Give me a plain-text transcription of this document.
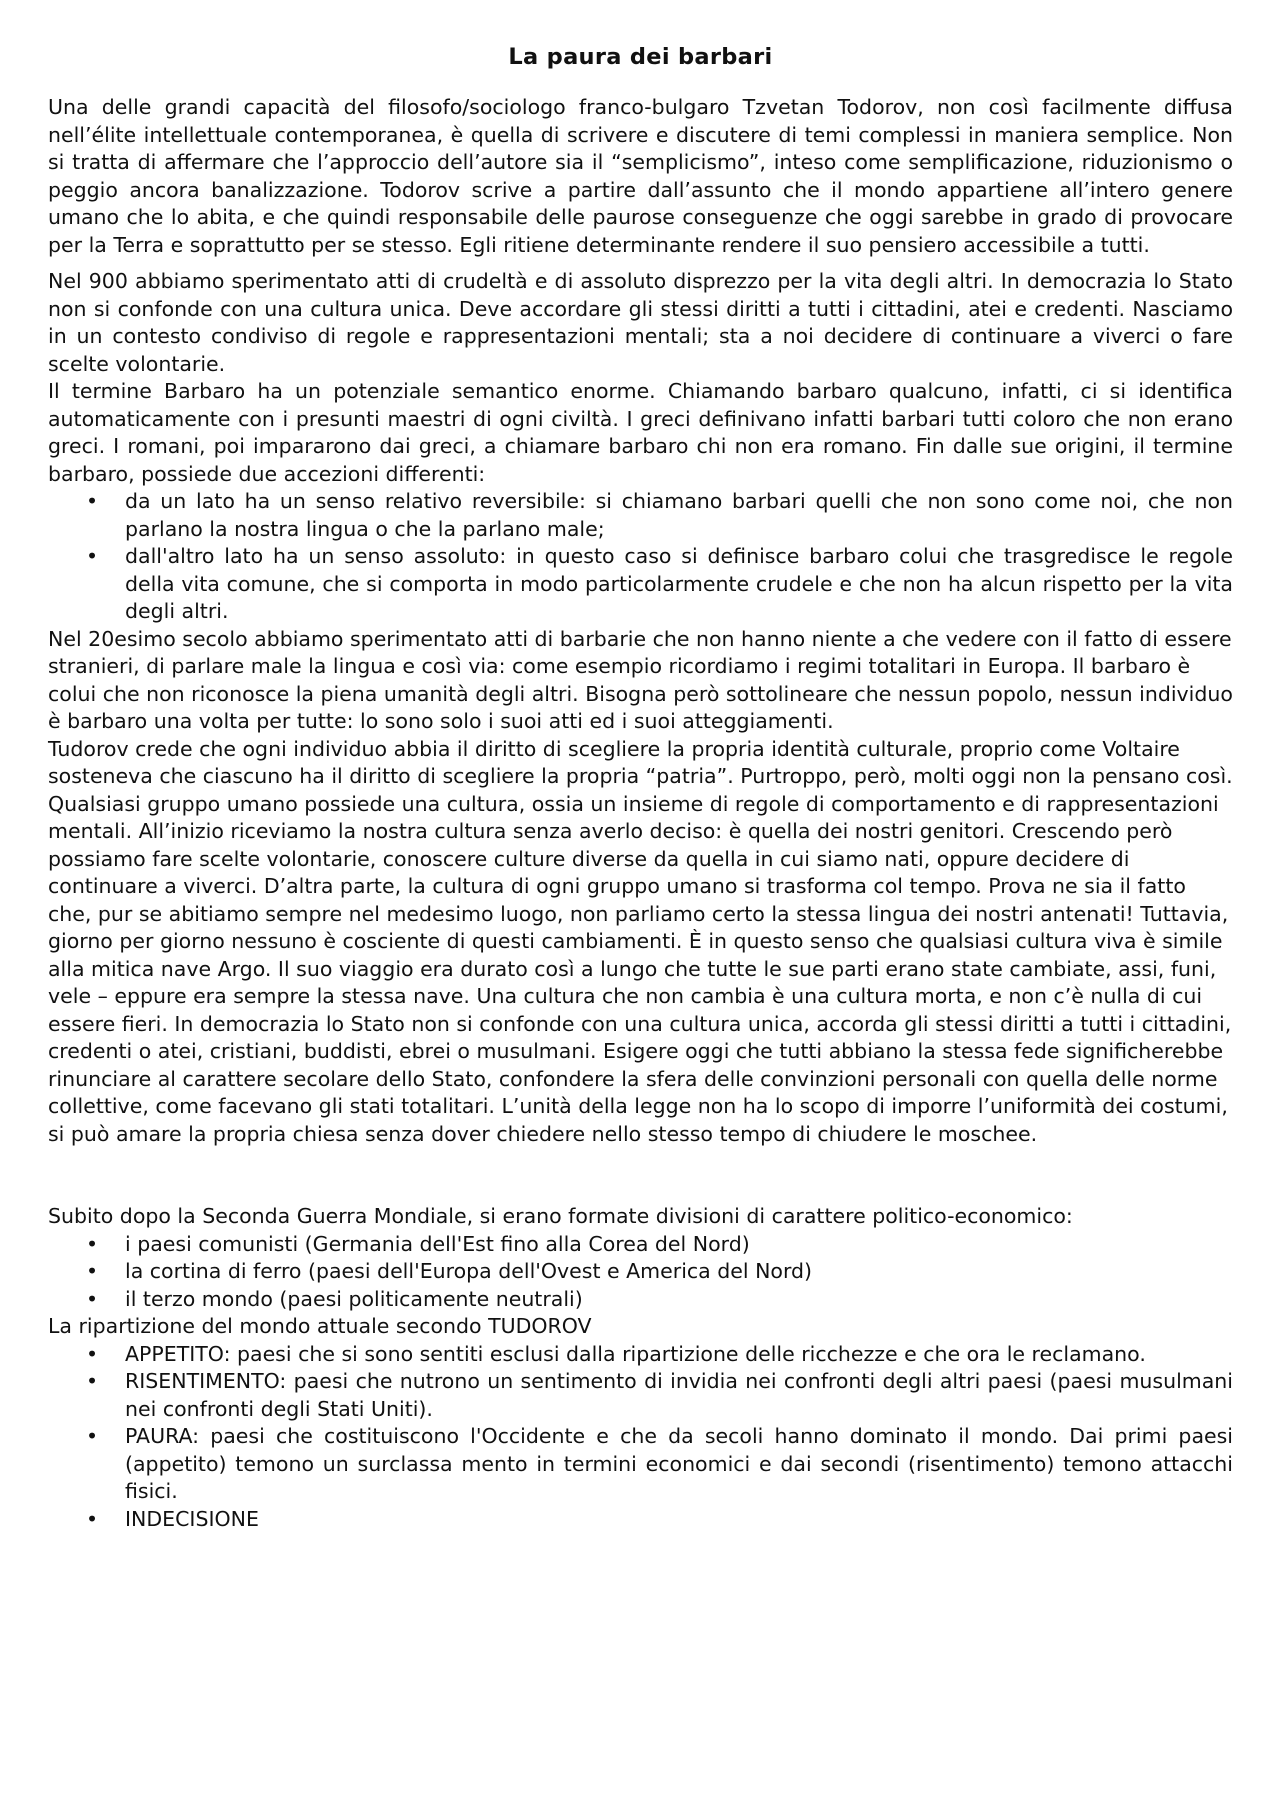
La paura dei barbari

Una delle grandi capacità del filosofo/sociologo franco-bulgaro Tzvetan Todorov, non così facilmente diffusa nell’élite intellettuale contemporanea, è quella di scrivere e discutere di temi complessi in maniera semplice. Non si tratta di affermare che l’approccio dell’autore sia il “semplicismo”, inteso come semplificazione, riduzionismo o peggio ancora banalizzazione. Todorov scrive a partire dall’assunto che il mondo appartiene all’intero genere umano che lo abita, e che quindi responsabile delle paurose conseguenze che oggi sarebbe in grado di provocare per la Terra e soprattutto per se stesso. Egli ritiene determinante rendere il suo pensiero accessibile a tutti.

Nel 900 abbiamo sperimentato atti di crudeltà e di assoluto disprezzo per la vita degli altri. In democrazia lo Stato non si confonde con una cultura unica. Deve accordare gli stessi diritti a tutti i cittadini, atei e credenti. Nasciamo in un contesto condiviso di regole e rappresentazioni mentali; sta a noi decidere di continuare a viverci o fare scelte volontarie.

Il termine Barbaro ha un potenziale semantico enorme. Chiamando barbaro qualcuno, infatti, ci si identifica automaticamente con i presunti maestri di ogni civiltà. I greci definivano infatti barbari tutti coloro che non erano greci. I romani, poi impararono dai greci, a chiamare barbaro chi non era romano. Fin dalle sue origini, il termine barbaro, possiede due accezioni differenti:

• da un lato ha un senso relativo reversibile: si chiamano barbari quelli che non sono come noi, che non parlano la nostra lingua o che la parlano male;
• dall'altro lato ha un senso assoluto: in questo caso si definisce barbaro colui che trasgredisce le regole della vita comune, che si comporta in modo particolarmente crudele e che non ha alcun rispetto per la vita degli altri.

Nel 20esimo secolo abbiamo sperimentato atti di barbarie che non hanno niente a che vedere con il fatto di essere stranieri, di parlare male la lingua e così via: come esempio ricordiamo i regimi totalitari in Europa. Il barbaro è colui che non riconosce la piena umanità degli altri. Bisogna però sottolineare che nessun popolo, nessun individuo è barbaro una volta per tutte: lo sono solo i suoi atti ed i suoi atteggiamenti.

Tudorov crede che ogni individuo abbia il diritto di scegliere la propria identità culturale, proprio come Voltaire sosteneva che ciascuno ha il diritto di scegliere la propria “patria”. Purtroppo, però, molti oggi non la pensano così.

Qualsiasi gruppo umano possiede una cultura, ossia un insieme di regole di comportamento e di rappresentazioni mentali. All’inizio riceviamo la nostra cultura senza averlo deciso: è quella dei nostri genitori. Crescendo però possiamo fare scelte volontarie, conoscere culture diverse da quella in cui siamo nati, oppure decidere di continuare a viverci. D’altra parte, la cultura di ogni gruppo umano si trasforma col tempo. Prova ne sia il fatto che, pur se abitiamo sempre nel medesimo luogo, non parliamo certo la stessa lingua dei nostri antenati! Tuttavia, giorno per giorno nessuno è cosciente di questi cambiamenti. È in questo senso che qualsiasi cultura viva è simile alla mitica nave Argo. Il suo viaggio era durato così a lungo che tutte le sue parti erano state cambiate, assi, funi, vele – eppure era sempre la stessa nave. Una cultura che non cambia è una cultura morta, e non c’è nulla di cui essere fieri. In democrazia lo Stato non si confonde con una cultura unica, accorda gli stessi diritti a tutti i cittadini, credenti o atei, cristiani, buddisti, ebrei o musulmani. Esigere oggi che tutti abbiano la stessa fede significherebbe rinunciare al carattere secolare dello Stato, confondere la sfera delle convinzioni personali con quella delle norme collettive, come facevano gli stati totalitari. L’unità della legge non ha lo scopo di imporre l’uniformità dei costumi, si può amare la propria chiesa senza dover chiedere nello stesso tempo di chiudere le moschee.

Subito dopo la Seconda Guerra Mondiale, si erano formate divisioni di carattere politico-economico:

• i paesi comunisti (Germania dell'Est fino alla Corea del Nord)
• la cortina di ferro (paesi dell'Europa dell'Ovest e America del Nord)
• il terzo mondo (paesi politicamente neutrali)

La ripartizione del mondo attuale secondo TUDOROV

• APPETITO: paesi che si sono sentiti esclusi dalla ripartizione delle ricchezze e che ora le reclamano.
• RISENTIMENTO: paesi che nutrono un sentimento di invidia nei confronti degli altri paesi (paesi musulmani nei confronti degli Stati Uniti).
• PAURA: paesi che costituiscono l'Occidente e che da secoli hanno dominato il mondo. Dai primi paesi (appetito) temono un surclassa mento in termini economici e dai secondi (risentimento) temono attacchi fisici.
• INDECISIONE
